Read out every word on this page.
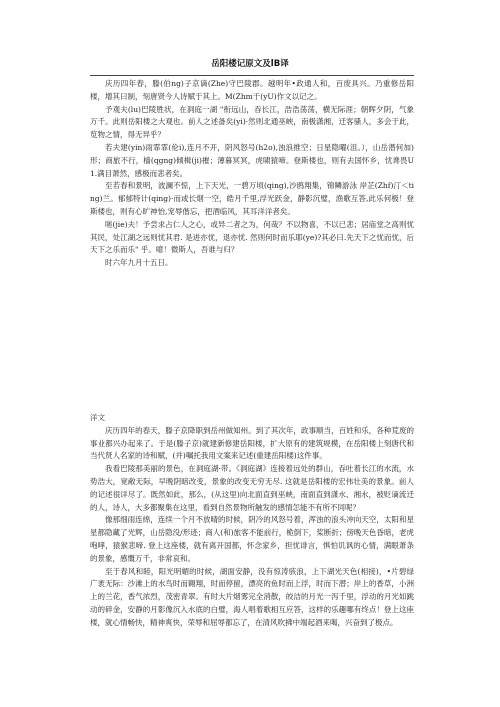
岳阳楼记原文及lB译

庆历四年春，滕(伯ng)子京谪(Zhe)守巴陵郡。越明年•政通人和，百废具兴。乃重修岳阳楼，增其曰制，刻唐贤今人诗赋于其上。M(Zhm于(yU)作文以记之。

予观夫(lu)巴陵胜状，在洞庭一湖 "衔远山，吞长江，浩浩荡荡，横无际涯；朝晖夕阴，气象万千。此则岳阳楼之大观也。前人之述备矣(yi)·然则北通巫峡，南极潇湘，迁客骚人，多会于此，览物之情，得无异乎？

若夫建(yin)雨霏霏(伦i),连月不开，阴风怒号(h2o),浊浪推空；日星隐曜(沮。），山岳潜何加)形；商旅不行，樯(qgng)倾楫(ji)摧；薄暮冥冥，虎啸猿啼。登斯楼也，则有去国怀乡，忧谗畏U1.满目萧然，感极而悲者矣。

至若春和景明，波澜不惊，上下天光，一碧万顷(qing),沙鸥翔集，锦鳞游泳 岸芷(Zhf)汀＜ting)兰。郁郁特计(qing)·而或长烟一空，皓月千里,浮光跃金，静影沉璧，渔歌互答,此乐何极！登斯楼也，则有心旷神怡,宠辱偕忘，把酒临风，其耳洋洋者矣。

嗟(jie)夫！予尝求占仁人之心，或异二者之为，何哉？不以物喜，不以已悲；居庙堂之高则忧其民，处江湖之远则忧其君. 是进亦忧，退亦忧. 然则何时而乐耶(ye)?其必曰.先天下之忧而忧，后天下之乐而乐" 乎。噫！微斯人，吾谁与归？

时六年九月十五日。

洋文

庆历四年的春天，滕子京降职到岳州做知州。到了其次年，政事顺当，百姓和乐，各种荒废的事业都兴办起来了。于是(滕子京)就建新修建岳阳楼，扩大原有的建筑规模，在岳阳楼上刻唐代和当代贤人名家的诗和赋，(并)嘱托我用文案来记述(重建岳阳楼)这件事。

我看巴陵那美丽的景色，在洞庭湖·带。《洞庭湖》连接着远处的群山，吞吐着长江的水流，水势浩大，宽敞无际，早晚阴暗改变，景象的改变无穷无尽. 这就是岳阳楼的宏伟壮美的景象。前人的记述很详尽了。既然如此，那么，(从这里)向北面直到巫峡，南面直到潇水、湘水，被贬谪流迁的人，诗人，大多都聚集在这里，看到自然景物所触发的感情怎能不有所不同呢？

像那细雨连绵，连续一个月不放晴的时候，阴冷的风怒号着，浑浊的浪头冲向天空，太阳和星星都隐藏了光辉，山岳隐没/形迹；商人(和)旅客不能前行，桅倒下，桨断折；傍晚天色昏暗，老虎咆哮，猿猴悲啼. 登上这座楼，就有离开国都，怀念家乡，担忧诽言，惧怕讥讽的心情，满眼萧条的景象，感慨万千，非常哀和。

至于春风和睦，阳光明媚的时候，湖面安静，没有惊涛骇浪，上下湖光天色(相接)，•片碧绿广袤无际：沙滩上的水鸟时而翱翔，时而停留，漂亮的鱼时而上浮，时而下潜；岸上的香草，小洲上的兰花，香气浓烈，茂密青翠。有时大片烟雾完全消散，皎洁的月光一泻千里，浮动的月光如跳动的碎金，安静的月影像沉入水底的白璧，海人唱着歌相互应答，这样的乐趣哪有终点！登上这座楼，就心情畅快，精神爽快，荣辱和屈辱都忘了，在清风吹拂中端起酒来喝，兴奋到了极点。
